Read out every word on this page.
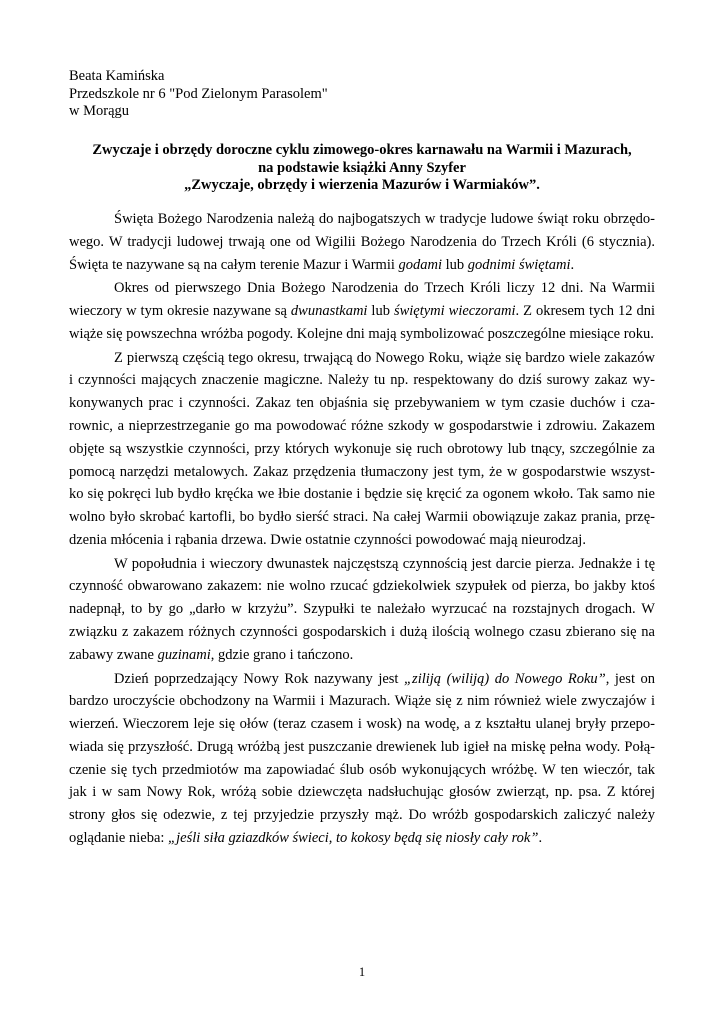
Beata Kamińska
Przedszkole nr 6 "Pod Zielonym Parasolem"
w Morągu
Zwyczaje i obrzędy doroczne cyklu zimowego-okres karnawału na Warmii i Mazurach,
na podstawie książki Anny Szyfer
„Zwyczaje, obrzędy i wierzenia Mazurów i Warmiaków”.

Święta Bożego Narodzenia należą do najbogatszych w tradycje ludowe świąt roku obrzędo-wego. W tradycji ludowej trwają one od Wigilii Bożego Narodzenia do Trzech Króli (6 stycznia). Święta te nazywane są na całym terenie Mazur i Warmii godami lub godnimi świętami.

Okres od pierwszego Dnia Bożego Narodzenia do Trzech Króli liczy 12 dni. Na Warmii wieczory w tym okresie nazywane są dwunastkami lub świętymi wieczorami. Z okresem tych 12 dni wiąże się powszechna wróżba pogody. Kolejne dni mają symbolizować poszczególne miesiące roku.

Z pierwszą częścią tego okresu, trwającą do Nowego Roku, wiąże się bardzo wiele zakazów i czynności mających znaczenie magiczne. Należy tu np. respektowany do dziś surowy zakaz wy-konywanych prac i czynności. Zakaz ten objaśnia się przebywaniem w tym czasie duchów i cza-rownic, a nieprzestrzeganie go ma powodować różne szkody w gospodarstwie i zdrowiu. Zakazem objęte są wszystkie czynności, przy których wykonuje się ruch obrotowy lub tnący, szczególnie za pomocą narzędzi metalowych. Zakaz przędzenia tłumaczony jest tym, że w gospodarstwie wszyst-ko się pokręci lub bydło kręćka we łbie dostanie i będzie się kręcić za ogonem wkoło. Tak samo nie wolno było skrobać kartofli, bo bydło sierść straci. Na całej Warmii obowiązuje zakaz prania, przę-dzenia młócenia i rąbania drzewa. Dwie ostatnie czynności powodować mają nieurodzaj.

W popołudnia i wieczory dwunastek najczęstszą czynnością jest darcie pierza. Jednakże i tę czynność obwarowano zakazem: nie wolno rzucać gdziekolwiek szypułek od pierza, bo jakby ktoś nadepnął, to by go „darło w krzyżu”. Szypułki te należało wyrzucać na rozstajnych drogach. W związku z zakazem różnych czynności gospodarskich i dużą ilością wolnego czasu zbierano się na zabawy zwane guzinami, gdzie grano i tańczono.

Dzień poprzedzający Nowy Rok nazywany jest „ziliją (wiliją) do Nowego Roku”, jest on bardzo uroczyście obchodzony na Warmii i Mazurach. Wiąże się z nim również wiele zwyczajów i wierzeń. Wieczorem leje się ołów (teraz czasem i wosk) na wodę, a z kształtu ulanej bryły przepo-wiada się przyszłość. Drugą wróżbą jest puszczanie drewienek lub igieł na miskę pełna wody. Połą-czenie się tych przedmiotów ma zapowiadać ślub osób wykonujących wróżbę. W ten wieczór, tak jak i w sam Nowy Rok, wróżą sobie dziewczęta nadsłuchując głosów zwierząt, np. psa. Z której strony głos się odezwie, z tej przyjedzie przyszły mąż. Do wróżb gospodarskich zaliczyć należy oglądanie nieba: „jeśli siła gziazdków świeci, to kokosy będą się niosły cały rok”.

1
